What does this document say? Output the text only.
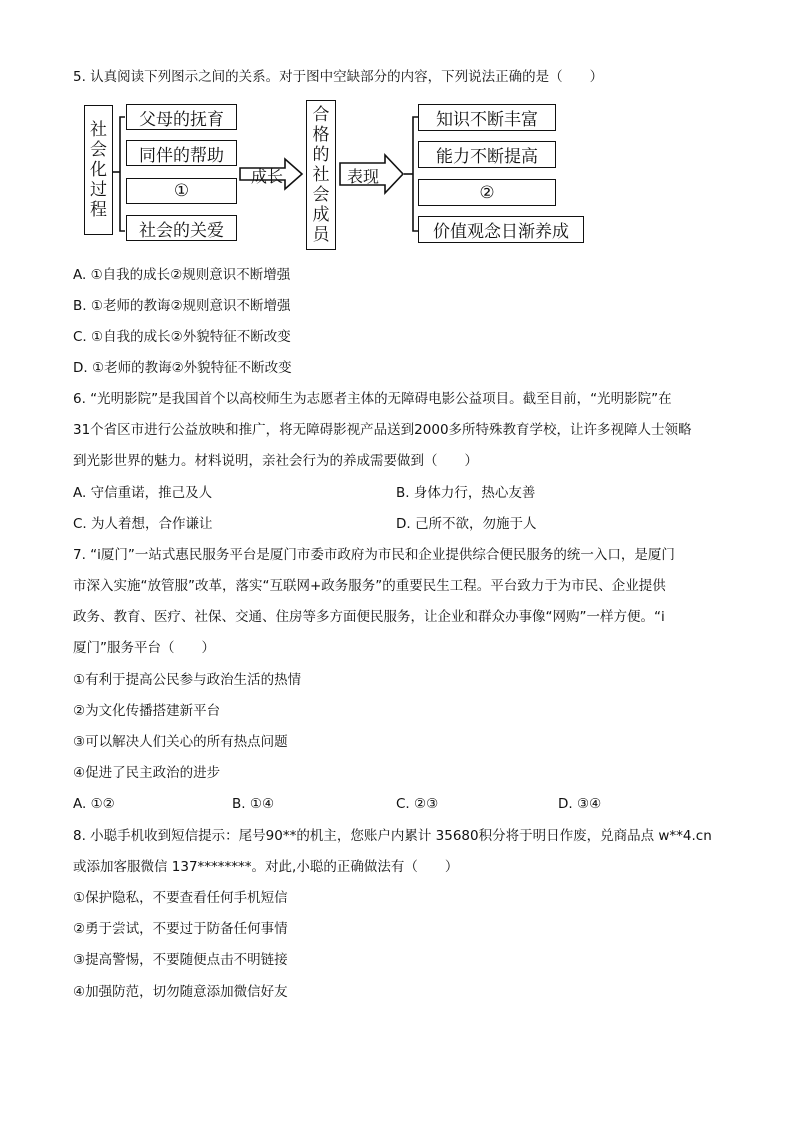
5. 认真阅读下列图示之间的关系。对于图中空缺部分的内容，下列说法正确的是（　　）
社
会
化
过
程
父母的抚育
同伴的帮助
①
社会的关爱
成长
合
格
的
社
会
成
员
表现
知识不断丰富
能力不断提高
②
价值观念日渐养成
A. ①自我的成长②规则意识不断增强
B. ①老师的教诲②规则意识不断增强
C. ①自我的成长②外貌特征不断改变
D. ①老师的教诲②外貌特征不断改变
6. “光明影院”是我国首个以高校师生为志愿者主体的无障碍电影公益项目。截至目前，“光明影院”在
31个省区市进行公益放映和推广，将无障碍影视产品送到2000多所特殊教育学校，让许多视障人士领略
到光影世界的魅力。材料说明，亲社会行为的养成需要做到（　　）
A. 守信重诺，推己及人	B. 身体力行，热心友善
C. 为人着想，合作谦让	D. 己所不欲，勿施于人
7. “i厦门”一站式惠民服务平台是厦门市委市政府为市民和企业提供综合便民服务的统一入口，是厦门
市深入实施“放管服”改革，落实“互联网+政务服务”的重要民生工程。平台致力于为市民、企业提供
政务、教育、医疗、社保、交通、住房等多方面便民服务，让企业和群众办事像“网购”一样方便。“i
厦门”服务平台（　　）
①有利于提高公民参与政治生活的热情
②为文化传播搭建新平台
③可以解决人们关心的所有热点问题
④促进了民主政治的进步
A. ①②	B. ①④	C. ②③	D. ③④
8. 小聪手机收到短信提示：尾号90**的机主，您账户内累计 35680积分将于明日作废，兑商品点 w**4.cn
或添加客服微信 137********。对此,小聪的正确做法有（　　）
①保护隐私，不要查看任何手机短信
②勇于尝试，不要过于防备任何事情
③提高警惕，不要随便点击不明链接
④加强防范，切勿随意添加微信好友
